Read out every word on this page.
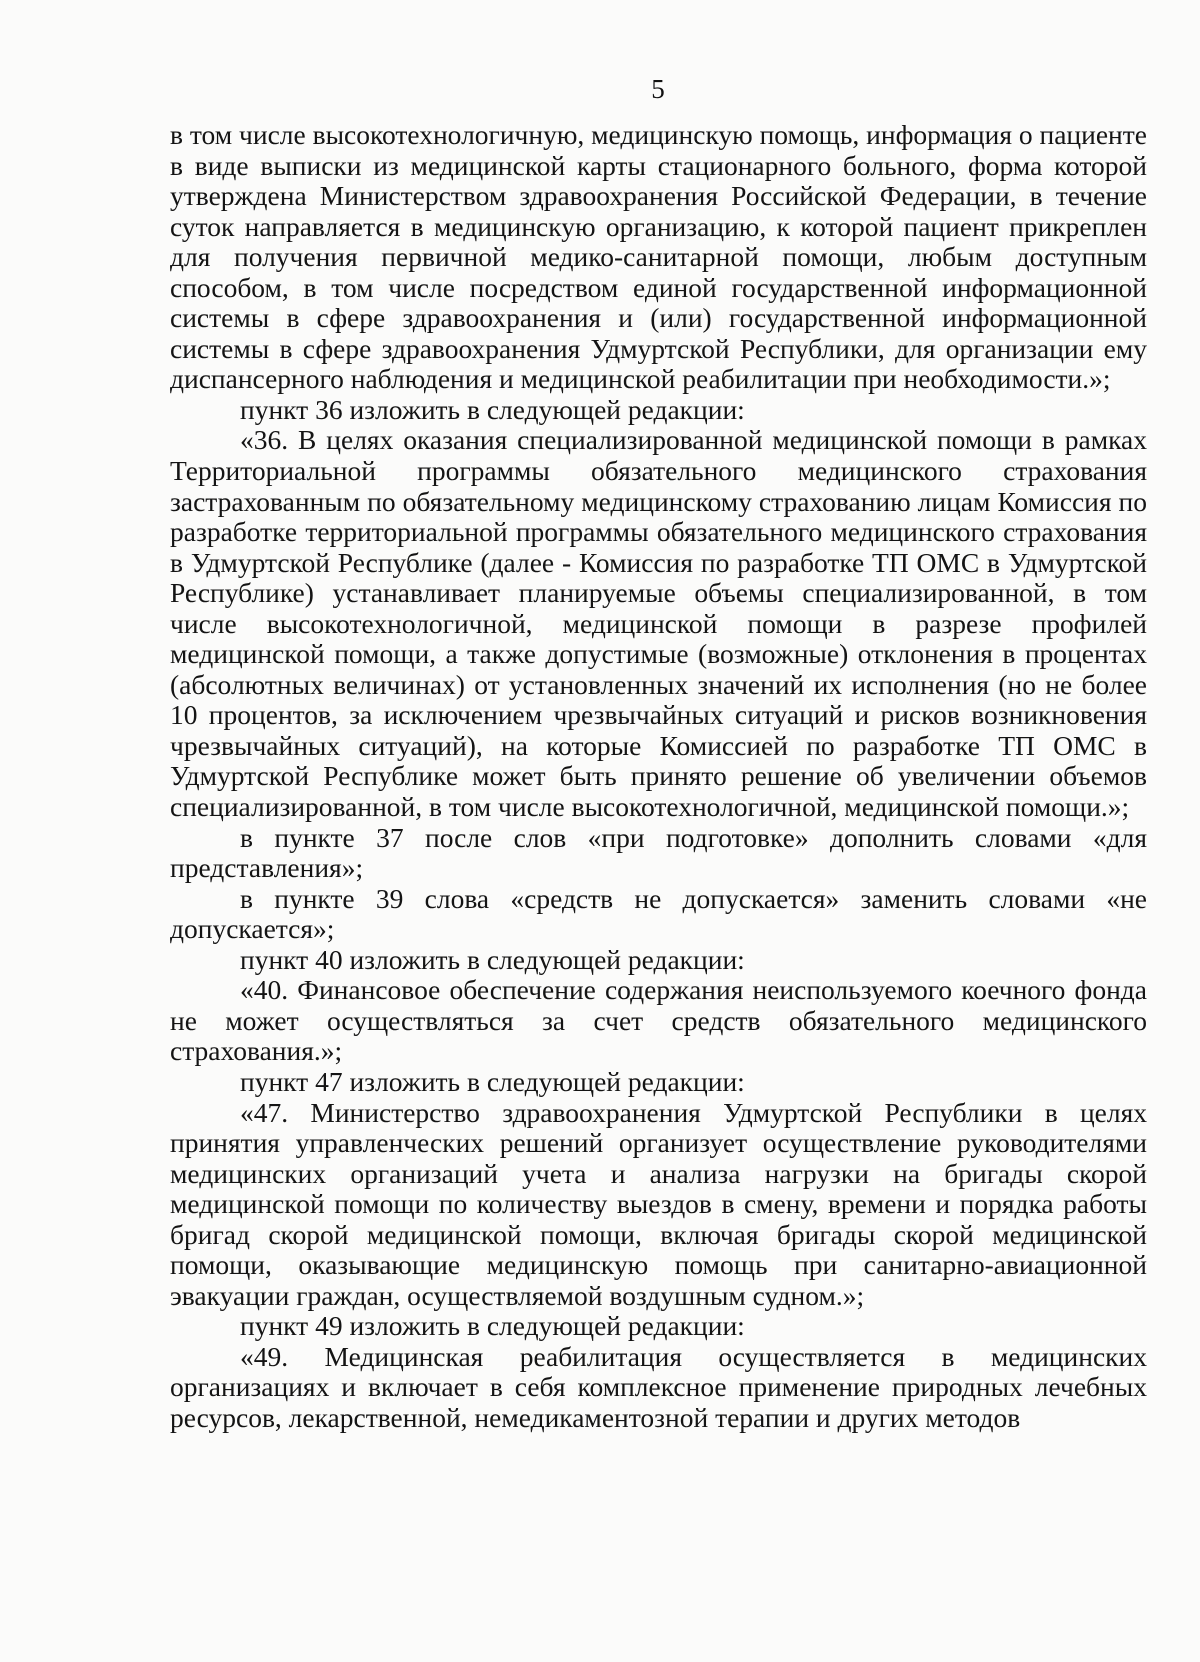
5

в том числе высокотехнологичную, медицинскую помощь, информация о пациенте в виде выписки из медицинской карты стационарного больного, форма которой утверждена Министерством здравоохранения Российской Федерации, в течение суток направляется в медицинскую организацию, к которой пациент прикреплен для получения первичной медико-санитарной помощи, любым доступным способом, в том числе посредством единой государственной информационной системы в сфере здравоохранения и (или) государственной информационной системы в сфере здравоохранения Удмуртской Республики, для организации ему диспансерного наблюдения и медицинской реабилитации при необходимости.»;

пункт 36 изложить в следующей редакции:

«36. В целях оказания специализированной медицинской помощи в рамках Территориальной программы обязательного медицинского страхования застрахованным по обязательному медицинскому страхованию лицам Комиссия по разработке территориальной программы обязательного медицинского страхования в Удмуртской Республике (далее - Комиссия по разработке ТП ОМС в Удмуртской Республике) устанавливает планируемые объемы специализированной, в том числе высокотехнологичной, медицинской помощи в разрезе профилей медицинской помощи, а также допустимые (возможные) отклонения в процентах (абсолютных величинах) от установленных значений их исполнения (но не более 10 процентов, за исключением чрезвычайных ситуаций и рисков возникновения чрезвычайных ситуаций), на которые Комиссией по разработке ТП ОМС в Удмуртской Республике может быть принято решение об увеличении объемов специализированной, в том числе высокотехнологичной, медицинской помощи.»;

в пункте 37 после слов «при подготовке» дополнить словами «для представления»;

в пункте 39 слова «средств не допускается» заменить словами «не допускается»;

пункт 40 изложить в следующей редакции:

«40. Финансовое обеспечение содержания неиспользуемого коечного фонда не может осуществляться за счет средств обязательного медицинского страхования.»;

пункт 47 изложить в следующей редакции:

«47. Министерство здравоохранения Удмуртской Республики в целях принятия управленческих решений организует осуществление руководителями медицинских организаций учета и анализа нагрузки на бригады скорой медицинской помощи по количеству выездов в смену, времени и порядка работы бригад скорой медицинской помощи, включая бригады скорой медицинской помощи, оказывающие медицинскую помощь при санитарно-авиационной эвакуации граждан, осуществляемой воздушным судном.»;

пункт 49 изложить в следующей редакции:

«49. Медицинская реабилитация осуществляется в медицинских организациях и включает в себя комплексное применение природных лечебных ресурсов, лекарственной, немедикаментозной терапии и других методов
